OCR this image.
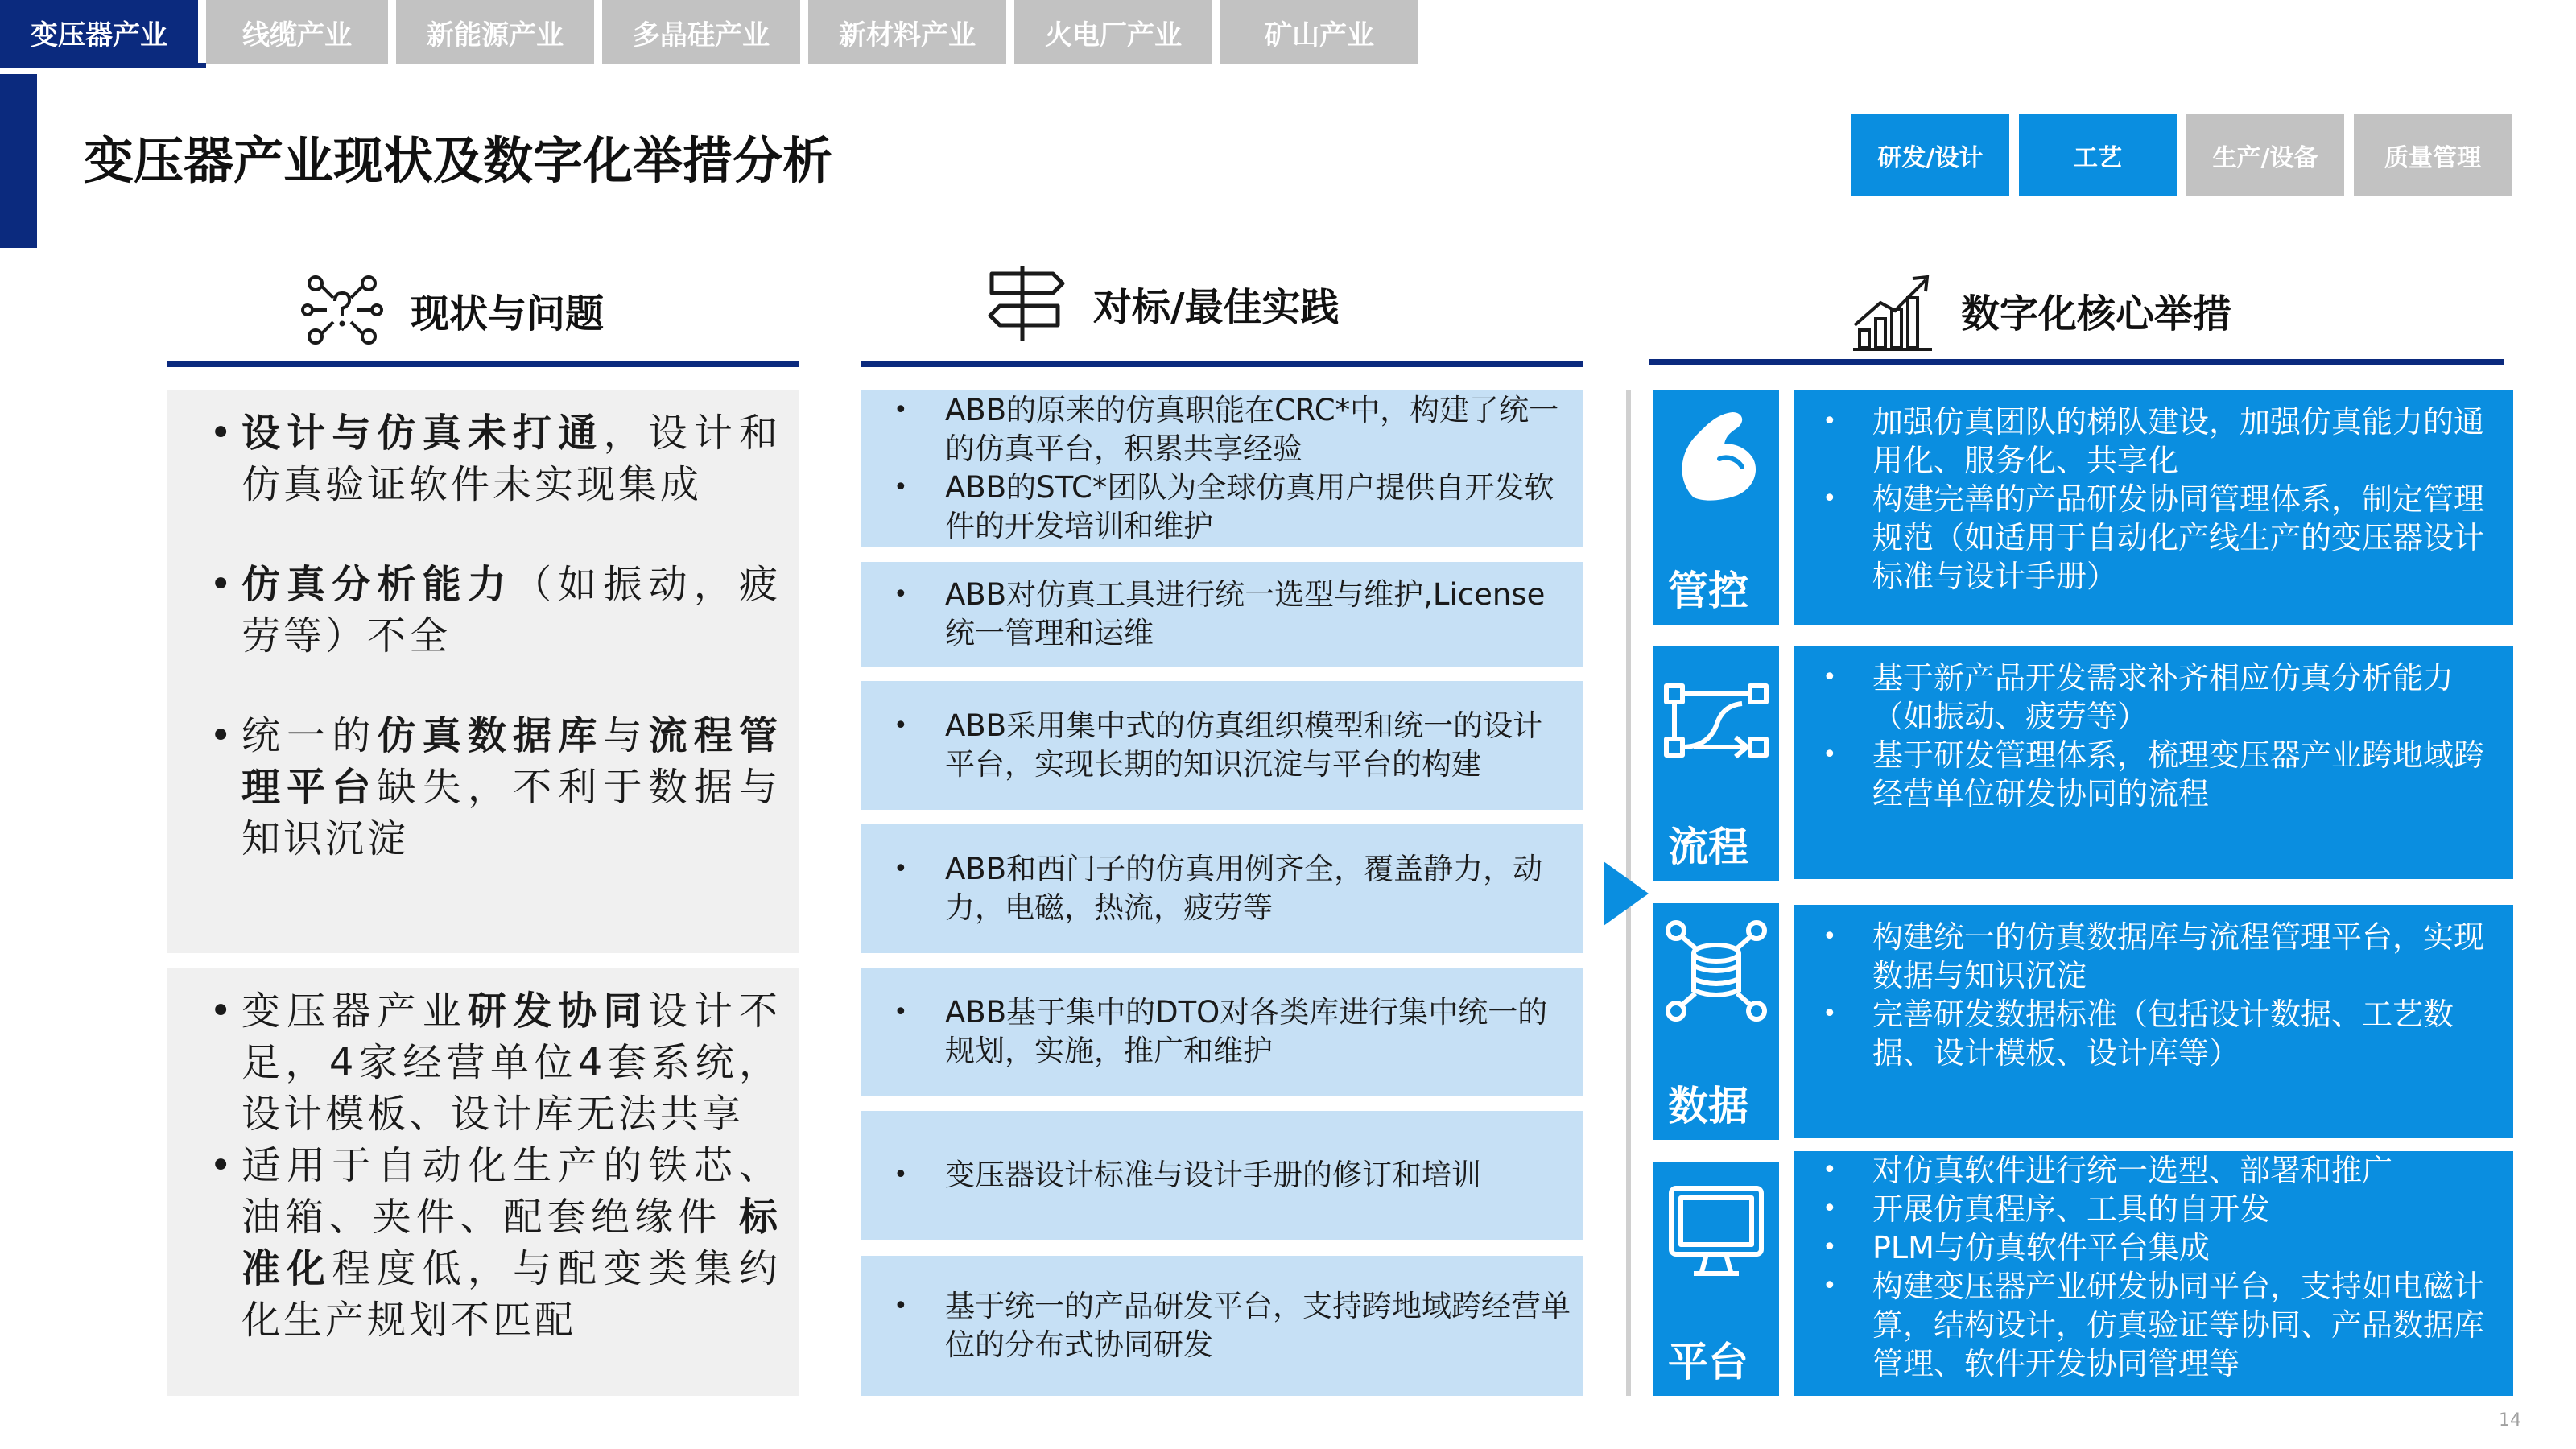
变压器产业	线缆产业	新能源产业	多晶硅产业	新材料产业	火电厂产业	矿山产业
变压器产业现状及数字化举措分析	研发/设计	工艺	生产/设备	质量管理
现状与问题	对标/最佳实践	数字化核心举措
• 设计与仿真未打通，设计和仿真验证软件未实现集成
• 仿真分析能力（如振动，疲劳等）不全
• 统一的仿真数据库与流程管理平台缺失，不利于数据与知识沉淀
• 变压器产业研发协同设计不足，4家经营单位4套系统，设计模板、设计库无法共享
• 适用于自动化生产的铁芯、油箱、夹件、配套绝缘件 标准化程度低，与配变类集约化生产规划不匹配
•	ABB的原来的仿真职能在CRC*中，构建了统一的仿真平台，积累共享经验
•	ABB的STC*团队为全球仿真用户提供自开发软件的开发培训和维护
•	ABB对仿真工具进行统一选型与维护,License统一管理和运维
•	ABB采用集中式的仿真组织模型和统一的设计平台，实现长期的知识沉淀与平台的构建
•	ABB和西门子的仿真用例齐全，覆盖静力，动力，电磁，热流，疲劳等
•	ABB基于集中的DTO对各类库进行集中统一的规划，实施，推广和维护
•	变压器设计标准与设计手册的修订和培训
•	基于统一的产品研发平台，支持跨地域跨经营单位的分布式协同研发
管控
•	加强仿真团队的梯队建设，加强仿真能力的通用化、服务化、共享化
•	构建完善的产品研发协同管理体系，制定管理规范（如适用于自动化产线生产的变压器设计标准与设计手册）
流程
•	基于新产品开发需求补齐相应仿真分析能力（如振动、疲劳等）
•	基于研发管理体系，梳理变压器产业跨地域跨经营单位研发协同的流程
数据
•	构建统一的仿真数据库与流程管理平台，实现数据与知识沉淀
•	完善研发数据标准（包括设计数据、工艺数据、设计模板、设计库等）
平台
•	对仿真软件进行统一选型、部署和推广
•	开展仿真程序、工具的自开发
•	PLM与仿真软件平台集成
•	构建变压器产业研发协同平台，支持如电磁计算，结构设计，仿真验证等协同、产品数据库管理、软件开发协同管理等
14
